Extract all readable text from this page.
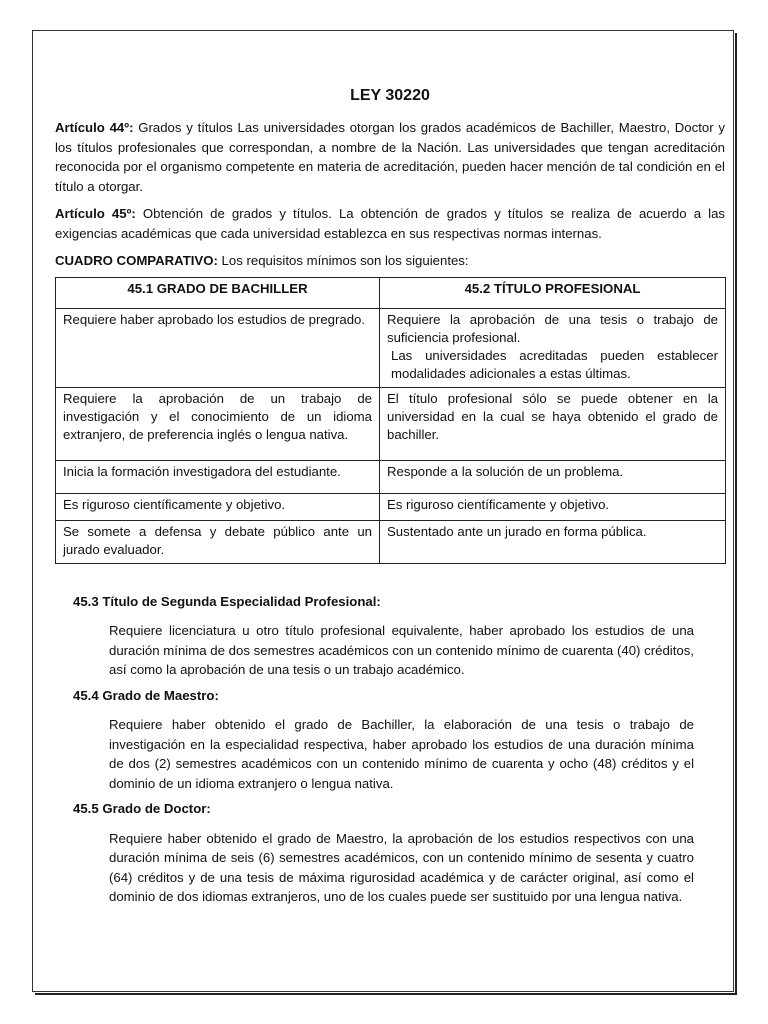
LEY 30220

Artículo 44º: Grados y títulos Las universidades otorgan los grados académicos de Bachiller, Maestro, Doctor y los títulos profesionales que correspondan, a nombre de la Nación. Las universidades que tengan acreditación reconocida por el organismo competente en materia de acreditación, pueden hacer mención de tal condición en el título a otorgar.

Artículo 45º: Obtención de grados y títulos. La obtención de grados y títulos se realiza de acuerdo a las exigencias académicas que cada universidad establezca en sus respectivas normas internas.

CUADRO COMPARATIVO: Los requisitos mínimos son los siguientes:

45.1 GRADO DE BACHILLER	45.2 TÍTULO PROFESIONAL
Requiere haber aprobado los estudios de pregrado.	Requiere la aprobación de una tesis o trabajo de suficiencia profesional.
Las universidades acreditadas pueden establecer modalidades adicionales a estas últimas.

Requiere la aprobación de un trabajo de investigación y el conocimiento de un idioma extranjero, de preferencia inglés o lengua nativa.	El título profesional sólo se puede obtener en la universidad en la cual se haya obtenido el grado de bachiller.
Inicia la formación investigadora del estudiante.	Responde a la solución de un problema.
Es riguroso científicamente y objetivo.	Es riguroso científicamente y objetivo.
Se somete a defensa y debate público ante un jurado evaluador.	Sustentado ante un jurado en forma pública.

45.3 Título de Segunda Especialidad Profesional:

Requiere licenciatura u otro título profesional equivalente, haber aprobado los estudios de una duración mínima de dos semestres académicos con un contenido mínimo de cuarenta (40) créditos, así como la aprobación de una tesis o un trabajo académico.

45.4 Grado de Maestro:

Requiere haber obtenido el grado de Bachiller, la elaboración de una tesis o trabajo de investigación en la especialidad respectiva, haber aprobado los estudios de una duración mínima de dos (2) semestres académicos con un contenido mínimo de cuarenta y ocho (48) créditos y el dominio de un idioma extranjero o lengua nativa.

45.5 Grado de Doctor:

Requiere haber obtenido el grado de Maestro, la aprobación de los estudios respectivos con una duración mínima de seis (6) semestres académicos, con un contenido mínimo de sesenta y cuatro (64) créditos y de una tesis de máxima rigurosidad académica y de carácter original, así como el dominio de dos idiomas extranjeros, uno de los cuales puede ser sustituido por una lengua nativa.
